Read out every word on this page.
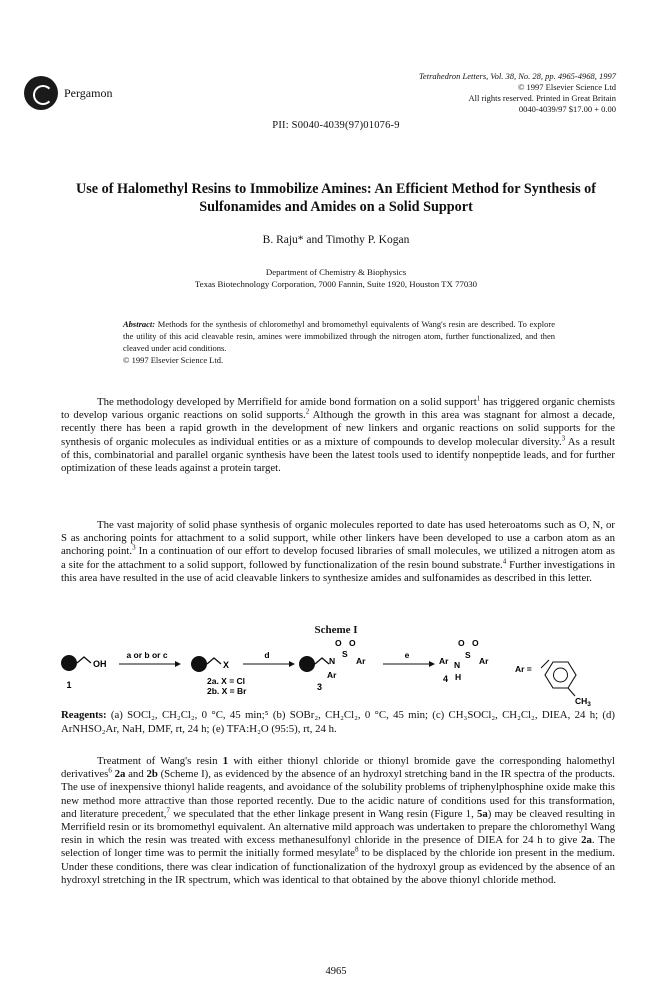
Pergamon
Tetrahedron Letters, Vol. 38, No. 28, pp. 4965-4968, 1997
© 1997 Elsevier Science Ltd
All rights reserved. Printed in Great Britain
0040-4039/97 $17.00 + 0.00
PII: S0040-4039(97)01076-9
Use of Halomethyl Resins to Immobilize Amines: An Efficient Method for Synthesis of Sulfonamides and Amides on a Solid Support
B. Raju* and Timothy P. Kogan
Department of Chemistry & Biophysics
Texas Biotechnology Corporation, 7000 Fannin, Suite 1920, Houston TX 77030
Abstract: Methods for the synthesis of chloromethyl and bromomethyl equivalents of Wang's resin are described. To explore the utility of this acid cleavable resin, amines were immobilized through the nitrogen atom, further functionalized, and then cleaved under acid conditions.
© 1997 Elsevier Science Ltd.
The methodology developed by Merrifield for amide bond formation on a solid support$^1$ has triggered organic chemists to develop various organic reactions on solid supports.$^2$ Although the growth in this area was stagnant for almost a decade, recently there has been a rapid growth in the development of new linkers and organic reactions on solid supports for the synthesis of organic molecules as individual entities or as a mixture of compounds to develop molecular diversity.$^3$ As a result of this, combinatorial and parallel organic synthesis have been the latest tools used to identify nonpeptide leads, and for further optimization of these leads against a protein target.
The vast majority of solid phase synthesis of organic molecules reported to date has used heteroatoms such as O, N, or S as anchoring points for attachment to a solid support, while other linkers have been developed to use a carbon atom as an anchoring point.$^3$ In a continuation of our effort to develop focused libraries of small molecules, we utilized a nitrogen atom as a site for the attachment to a solid support, followed by functionalization of the resin bound substrate.$^4$ Further investigations in this area have resulted in the use of acid cleavable linkers to synthesize amides and sulfonamides as described in this letter.
Scheme I
OH
1
a or b or c
X
2a. X = Cl
2b. X = Br
d
N
S
O O
Ar
Ar
3
e
Ar N
S
O O
Ar
H
4
Ar =
$CH_3$
Reagents: (a) SOCl₂, CH₂Cl₂, 0 °C, 45 min;⁵ (b) SOBr₂, CH₂Cl₂, 0 °C, 45 min; (c) CH₃SOCl₂, CH₂Cl₂, DIEA, 24 h; (d) ArNHSO₂Ar, NaH, DMF, rt, 24 h; (e) TFA:H₂O (95:5), rt, 24 h.
Treatment of Wang's resin 1 with either thionyl chloride or thionyl bromide gave the corresponding halomethyl derivatives$^6$ 2a and 2b (Scheme I), as evidenced by the absence of an hydroxyl stretching band in the IR spectra of the products. The use of inexpensive thionyl halide reagents, and avoidance of the solubility problems of triphenylphosphine oxide make this new method more attractive than those reported recently. Due to the acidic nature of conditions used for this transformation, and literature precedent,$^7$ we speculated that the ether linkage present in Wang resin (Figure 1, 5a) may be cleaved resulting in Merrifield resin or its bromomethyl equivalent. An alternative mild approach was undertaken to prepare the chloromethyl Wang resin in which the resin was treated with excess methanesulfonyl chloride in the presence of DIEA for 24 h to give 2a. The selection of longer time was to permit the initially formed mesylate$^8$ to be displaced by the chloride ion present in the medium. Under these conditions, there was clear indication of functionalization of the hydroxyl group as evidenced by the absence of an hydroxyl stretching in the IR spectrum, which was identical to that obtained by the above thionyl chloride method.
4965
